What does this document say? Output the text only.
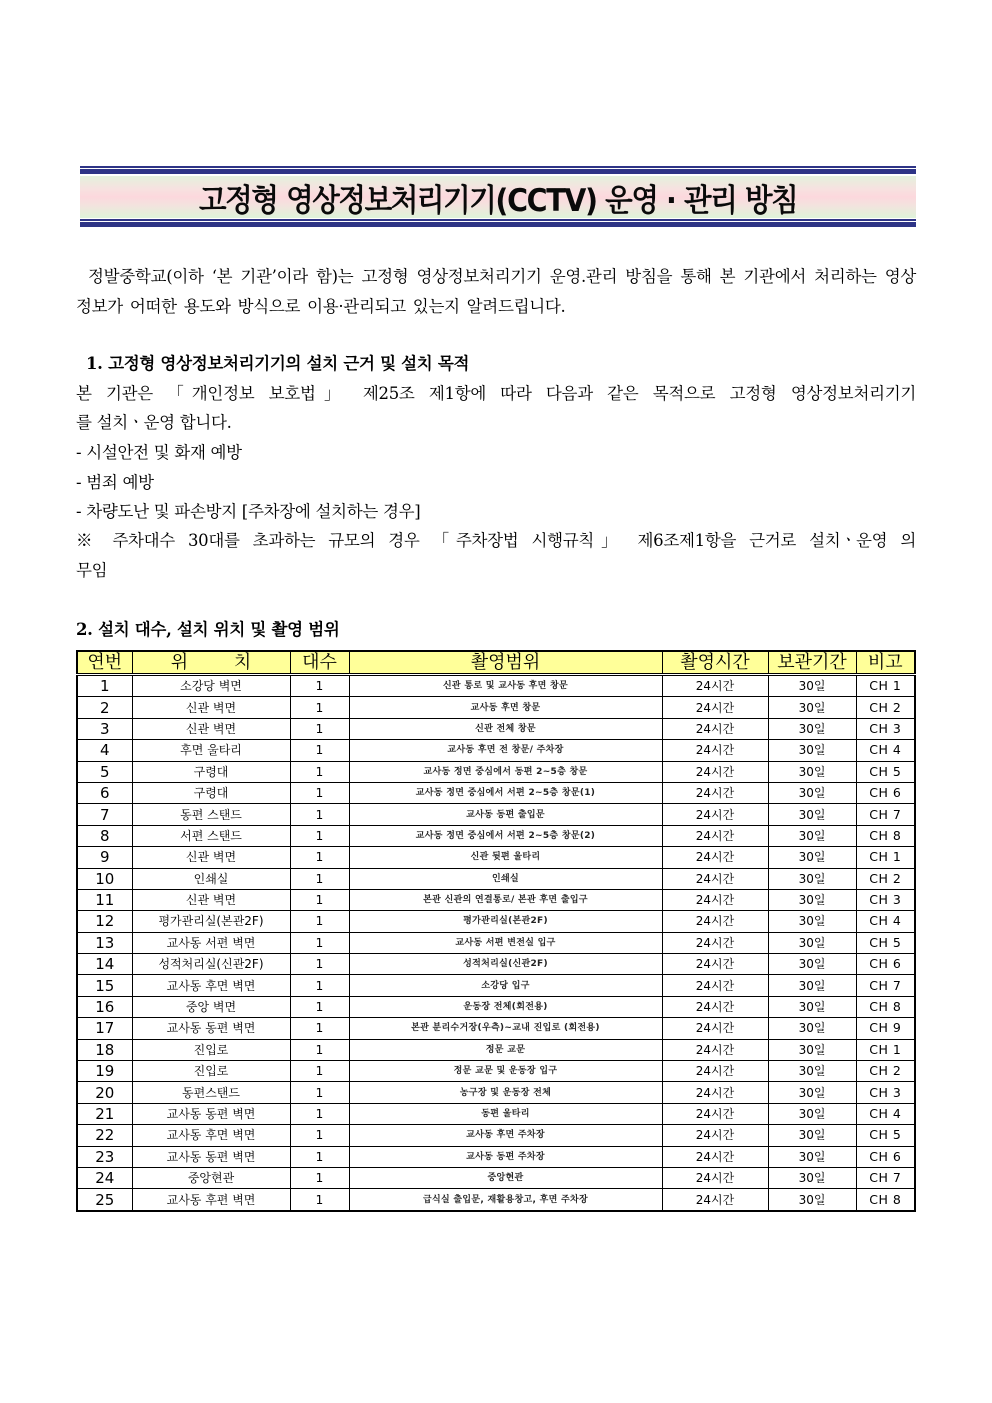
고정형 영상정보처리기기(CCTV) 운영 · 관리 방침
정발중학교(이하 ‘본 기관’이라 함)는 고정형 영상정보처리기기 운영.관리 방침을 통해 본 기관에서 처리하는 영상정보가 어떠한 용도와 방식으로 이용·관리되고 있는지 알려드립니다.
1. 고정형 영상정보처리기기의 설치 근거 및 설치 목적
본 기관은 「개인정보 보호법」 제25조 제1항에 따라 다음과 같은 목적으로 고정형 영상정보처리기기
를 설치ㆍ운영 합니다.
- 시설안전 및 화재 예방
- 범죄 예방
- 차량도난 및 파손방지 [주차장에 설치하는 경우]
※ 주차대수 30대를 초과하는 규모의 경우 「주차장법 시행규칙」 제6조제1항을 근거로 설치ㆍ운영 의
무임
2. 설치 대수, 설치 위치 및 촬영 범위
연번	위 치	대수	촬영범위	촬영시간	보관기간	비고
1	소강당 벽면	1	신관 통로 및 교사동 후면 창문	24시간	30일	CH 1
2	신관 벽면	1	교사동 후면 창문	24시간	30일	CH 2
3	신관 벽면	1	신관 전체 창문	24시간	30일	CH 3
4	후면 울타리	1	교사동 후면 전 창문/ 주차장	24시간	30일	CH 4
5	구령대	1	교사동 정면 중심에서 동편 2~5층 창문	24시간	30일	CH 5
6	구령대	1	교사동 정면 중심에서 서편 2~5층 창문(1)	24시간	30일	CH 6
7	동편 스탠드	1	교사동 동편 출입문	24시간	30일	CH 7
8	서편 스탠드	1	교사동 정면 중심에서 서편 2~5층 창문(2)	24시간	30일	CH 8
9	신관 벽면	1	신관 뒷편 울타리	24시간	30일	CH 1
10	인쇄실	1	인쇄실	24시간	30일	CH 2
11	신관 벽면	1	본관 신관의 연결통로/ 본관 후면 출입구	24시간	30일	CH 3
12	평가관리실(본관2F)	1	평가관리실(본관2F)	24시간	30일	CH 4
13	교사동 서편 벽면	1	교사동 서편 변전실 입구	24시간	30일	CH 5
14	성적처리실(신관2F)	1	성적처리실(신관2F)	24시간	30일	CH 6
15	교사동 후면 벽면	1	소강당 입구	24시간	30일	CH 7
16	중앙 벽면	1	운동장 전체(회전용)	24시간	30일	CH 8
17	교사동 동편 벽면	1	본관 분리수거장(우측)~교내 진입로 (회전용)	24시간	30일	CH 9
18	진입로	1	정문 교문	24시간	30일	CH 1
19	진입로	1	정문 교문 및 운동장 입구	24시간	30일	CH 2
20	동편스탠드	1	농구장 및 운동장 전체	24시간	30일	CH 3
21	교사동 동편 벽면	1	동편 울타리	24시간	30일	CH 4
22	교사동 후면 벽면	1	교사동 후면 주차장	24시간	30일	CH 5
23	교사동 동편 벽면	1	교사동 동편 주차장	24시간	30일	CH 6
24	중앙현관	1	중앙현관	24시간	30일	CH 7
25	교사동 후편 벽면	1	급식실 출입문, 재활용창고, 후면 주차장	24시간	30일	CH 8
